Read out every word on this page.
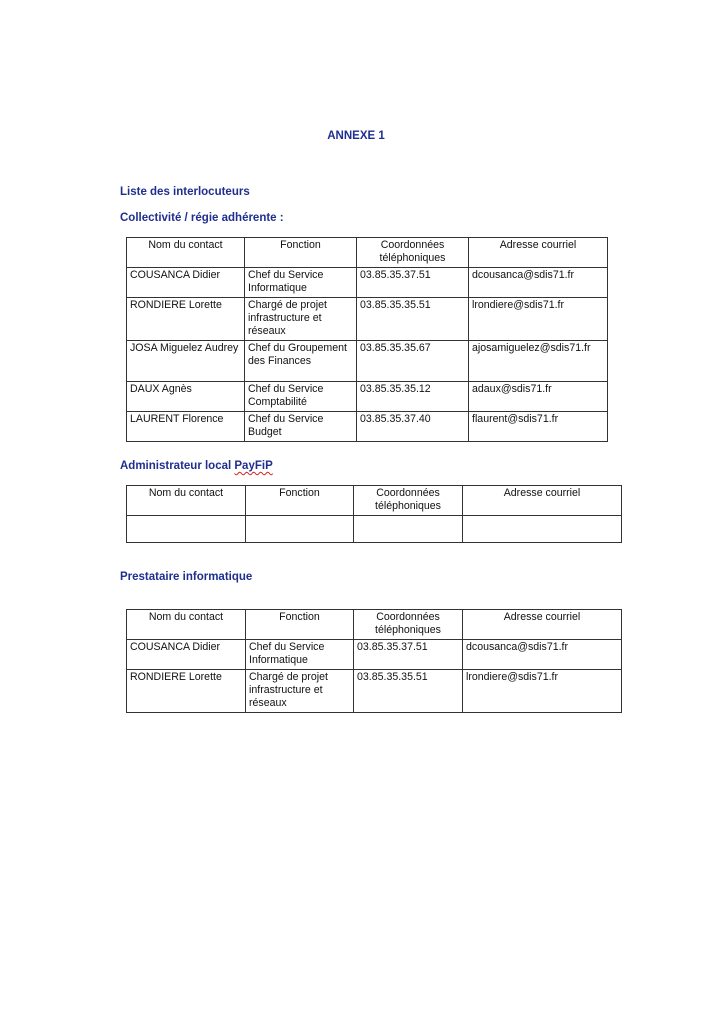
ANNEXE 1
Liste des interlocuteurs
Collectivité / régie adhérente :
Nom du contact	Fonction	Coordonnées téléphoniques	Adresse courriel
COUSANCA Didier	Chef du Service Informatique	03.85.35.37.51	dcousanca@sdis71.fr
RONDIERE Lorette	Chargé de projet infrastructure et réseaux	03.85.35.35.51	lrondiere@sdis71.fr
JOSA Miguelez Audrey	Chef du Groupement des Finances	03.85.35.35.67	ajosamiguelez@sdis71.fr
DAUX Agnès	Chef du Service Comptabilité	03.85.35.35.12	adaux@sdis71.fr
LAURENT Florence	Chef du Service Budget	03.85.35.37.40	flaurent@sdis71.fr
Administrateur local PayFiP
Nom du contact	Fonction	Coordonnées téléphoniques	Adresse courriel

Prestataire informatique
Nom du contact	Fonction	Coordonnées téléphoniques	Adresse courriel
COUSANCA Didier	Chef du Service Informatique	03.85.35.37.51	dcousanca@sdis71.fr
RONDIERE Lorette	Chargé de projet infrastructure et réseaux	03.85.35.35.51	lrondiere@sdis71.fr
